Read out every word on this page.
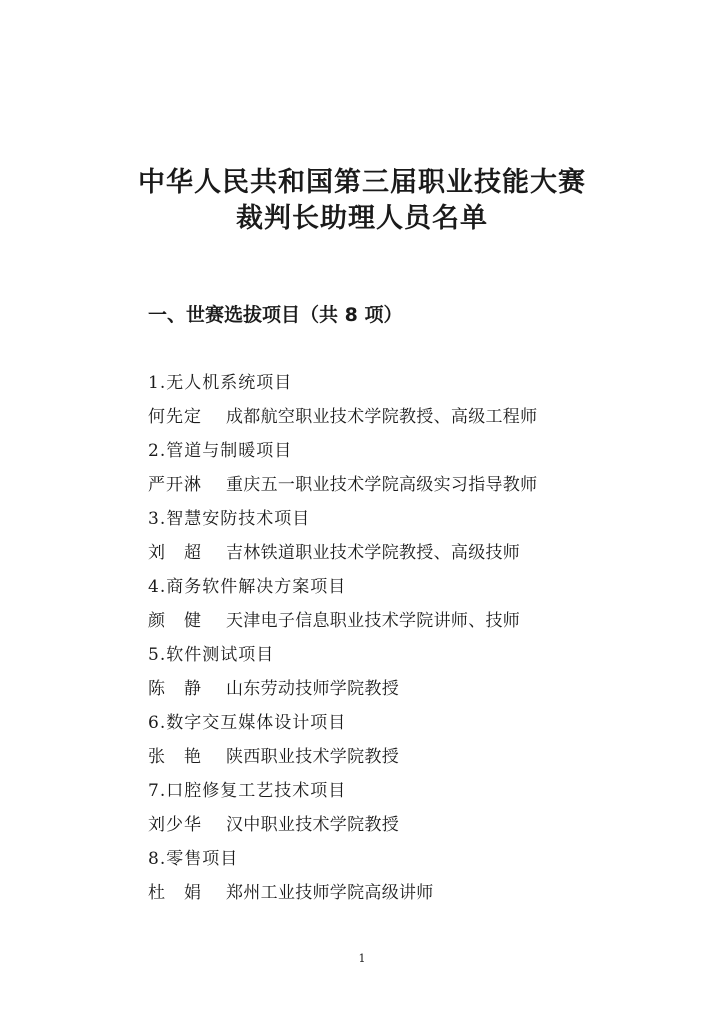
中华人民共和国第三届职业技能大赛
裁判长助理人员名单
一、世赛选拔项目（共 8 项）
1.无人机系统项目
何先定	成都航空职业技术学院教授、高级工程师
2.管道与制暖项目
严开淋	重庆五一职业技术学院高级实习指导教师
3.智慧安防技术项目
刘　超	吉林铁道职业技术学院教授、高级技师
4.商务软件解决方案项目
颜　健	天津电子信息职业技术学院讲师、技师
5.软件测试项目
陈　静	山东劳动技师学院教授
6.数字交互媒体设计项目
张　艳	陕西职业技术学院教授
7.口腔修复工艺技术项目
刘少华	汉中职业技术学院教授
8.零售项目
杜　娟	郑州工业技师学院高级讲师
1
